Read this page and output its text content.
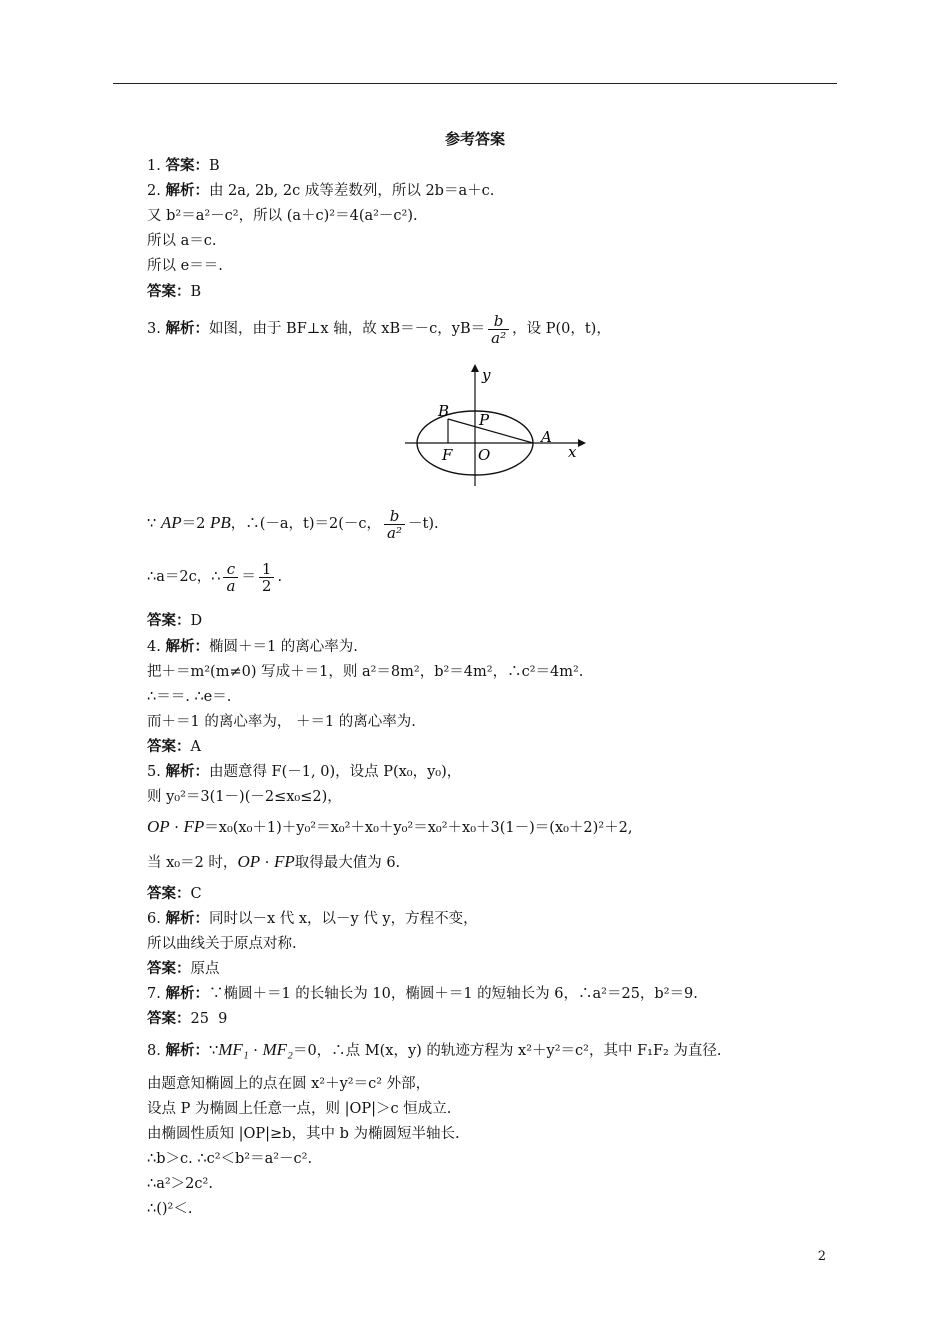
参考答案
1. 答案：B
2. 解析：由 2a, 2b, 2c 成等差数列，所以 2b＝a＋c.
又 b²＝a²－c²，所以 (a＋c)²＝4(a²－c²).
所以 a＝c.
所以 e＝＝.
答案：B
3. 解析：如图，由于 BF⊥x 轴，故 xB＝－c，$yB= \frac{b}{\text{a²}}$ ，设 P(0，t)，
y
x
B P
A
F O
∵ AP＝2 PB，∴(－a，t)＝2(－c， $\frac{b}{\text{a²}} -t$).
∴a＝2c，∴ $\frac{c}{a} = \frac{1}{2}$ .
答案：D
4. 解析：椭圆＋＝1 的离心率为.
把＋＝m²(m≠0) 写成＋＝1，则 a²＝8m²，b²＝4m²，∴c²＝4m².
∴＝＝. ∴e＝.
而＋＝1 的离心率为， ＋＝1 的离心率为.
答案：A
5. 解析：由题意得 F(－1, 0)，设点 P(x₀，y₀)，
则 y₀²＝3(1－)(－2≤x₀≤2)，
OP · FP＝x₀(x₀＋1)＋y₀²＝x₀²＋x₀＋y₀²＝x₀²＋x₀＋3(1－)＝(x₀＋2)²＋2,
当 x₀＝2 时，OP · FP取得最大值为 6.
答案：C
6. 解析：同时以－x 代 x，以－y 代 y，方程不变，
所以曲线关于原点对称.
答案：原点
7. 解析：∵椭圆＋＝1 的长轴长为 10，椭圆＋＝1 的短轴长为 6，∴a²＝25，b²＝9.
答案：25  9
8. 解析：∵MF₁ · MF₂＝0，∴点 M(x，y) 的轨迹方程为 x²＋y²＝c²，其中 F₁F₂ 为直径.
由题意知椭圆上的点在圆 x²＋y²＝c² 外部，
设点 P 为椭圆上任意一点，则 |OP|＞c 恒成立.
由椭圆性质知 |OP|≥b，其中 b 为椭圆短半轴长.
∴b＞c. ∴c²＜b²＝a²－c².
∴a²＞2c².
∴()²＜.
2
